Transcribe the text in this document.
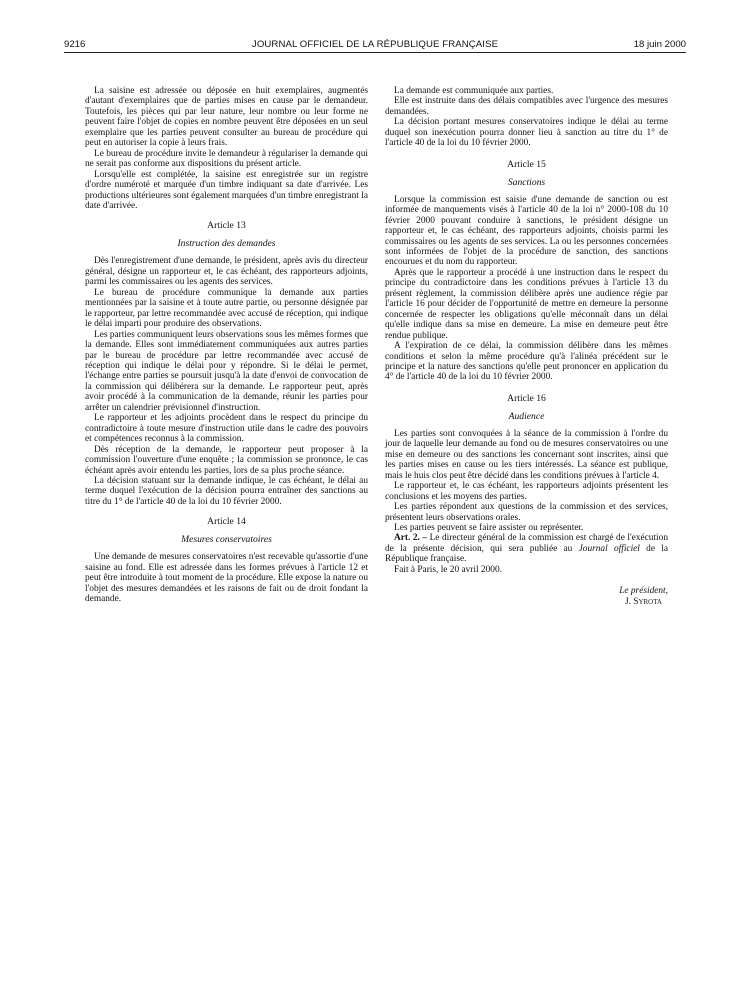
9216	JOURNAL OFFICIEL DE LA RÉPUBLIQUE FRANÇAISE	18 juin 2000

La saisine est adressée ou déposée en huit exemplaires, augmentés d'autant d'exemplaires que de parties mises en cause par le demandeur. Toutefois, les pièces qui par leur nature, leur nombre ou leur forme ne peuvent faire l'objet de copies en nombre peuvent être déposées en un seul exemplaire que les parties peuvent consulter au bureau de procédure qui peut en autoriser la copie à leurs frais.

Le bureau de procédure invite le demandeur à régulariser la demande qui ne serait pas conforme aux dispositions du présent article.

Lorsqu'elle est complétée, la saisine est enregistrée sur un registre d'ordre numéroté et marquée d'un timbre indiquant sa date d'arrivée. Les productions ultérieures sont également marquées d'un timbre enregistrant la date d'arrivée.

Article 13
Instruction des demandes

Dès l'enregistrement d'une demande, le président, après avis du directeur général, désigne un rapporteur et, le cas échéant, des rapporteurs adjoints, parmi les commissaires ou les agents des services.

Le bureau de procédure communique la demande aux parties mentionnées par la saisine et à toute autre partie, ou personne désignée par le rapporteur, par lettre recommandée avec accusé de réception, qui indique le délai imparti pour produire des observations.

Les parties communiquent leurs observations sous les mêmes formes que la demande. Elles sont immédiatement communiquées aux autres parties par le bureau de procédure par lettre recommandée avec accusé de réception qui indique le délai pour y répondre. Si le délai le permet, l'échange entre parties se poursuit jusqu'à la date d'envoi de convocation de la commission qui délibérera sur la demande. Le rapporteur peut, après avoir procédé à la communication de la demande, réunir les parties pour arrêter un calendrier prévisionnel d'instruction.

Le rapporteur et les adjoints procèdent dans le respect du principe du contradictoire à toute mesure d'instruction utile dans le cadre des pouvoirs et compétences reconnus à la commission.

Dès réception de la demande, le rapporteur peut proposer à la commission l'ouverture d'une enquête ; la commission se prononce, le cas échéant après avoir entendu les parties, lors de sa plus proche séance.

La décision statuant sur la demande indique, le cas échéant, le délai au terme duquel l'exécution de la décision pourra entraîner des sanctions au titre du 1° de l'article 40 de la loi du 10 février 2000.

Article 14
Mesures conservatoires

Une demande de mesures conservatoires n'est recevable qu'assortie d'une saisine au fond. Elle est adressée dans les formes prévues à l'article 12 et peut être introduite à tout moment de la procédure. Elle expose la nature ou l'objet des mesures demandées et les raisons de fait ou de droit fondant la demande.

La demande est communiquée aux parties.

Elle est instruite dans des délais compatibles avec l'urgence des mesures demandées.

La décision portant mesures conservatoires indique le délai au terme duquel son inexécution pourra donner lieu à sanction au titre du 1° de l'article 40 de la loi du 10 février 2000.

Article 15
Sanctions

Lorsque la commission est saisie d'une demande de sanction ou est informée de manquements visés à l'article 40 de la loi n° 2000-108 du 10 février 2000 pouvant conduire à sanctions, le président désigne un rapporteur et, le cas échéant, des rapporteurs adjoints, choisis parmi les commissaires ou les agents de ses services. La ou les personnes concernées sont informées de l'objet de la procédure de sanction, des sanctions encourues et du nom du rapporteur.

Après que le rapporteur a procédé à une instruction dans le respect du principe du contradictoire dans les conditions prévues à l'article 13 du présent règlement, la commission délibère après une audience régie par l'article 16 pour décider de l'opportunité de mettre en demeure la personne concernée de respecter les obligations qu'elle méconnaît dans un délai qu'elle indique dans sa mise en demeure. La mise en demeure peut être rendue publique.

A l'expiration de ce délai, la commission délibère dans les mêmes conditions et selon la même procédure qu'à l'alinéa précédent sur le principe et la nature des sanctions qu'elle peut prononcer en application du 4° de l'article 40 de la loi du 10 février 2000.

Article 16
Audience

Les parties sont convoquées à la séance de la commission à l'ordre du jour de laquelle leur demande au fond ou de mesures conservatoires ou une mise en demeure ou des sanctions les concernant sont inscrites, ainsi que les parties mises en cause ou les tiers intéressés. La séance est publique, mais le huis clos peut être décidé dans les conditions prévues à l'article 4.

Le rapporteur et, le cas échéant, les rapporteurs adjoints présentent les conclusions et les moyens des parties.

Les parties répondent aux questions de la commission et des services, présentent leurs observations orales.

Les parties peuvent se faire assister ou représenter.

Art. 2. – Le directeur général de la commission est chargé de l'exécution de la présente décision, qui sera publiée au Journal officiel de la République française.

Fait à Paris, le 20 avril 2000.

Le président,
J. Syrota
